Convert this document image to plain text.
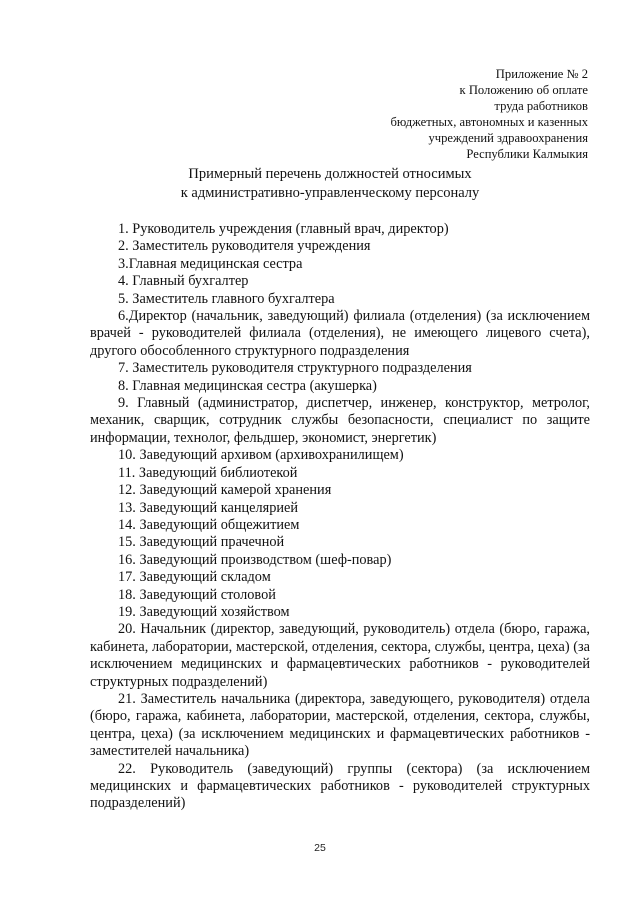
Приложение № 2
к Положению об оплате
труда работников
бюджетных, автономных и казенных
учреждений здравоохранения
Республики Калмыкия
Примерный перечень должностей относимых
к административно-управленческому персоналу

1. Руководитель учреждения (главный врач, директор)

2. Заместитель руководителя учреждения

3.Главная медицинская сестра

4. Главный бухгалтер

5. Заместитель главного бухгалтера

6.Директор (начальник, заведующий) филиала (отделения) (за исключением врачей - руководителей филиала (отделения), не имеющего лицевого счета), другого обособленного структурного подразделения

7. Заместитель руководителя структурного подразделения

8. Главная медицинская сестра (акушерка)

9. Главный (администратор, диспетчер, инженер, конструктор, метролог, механик, сварщик, сотрудник службы безопасности, специалист по защите информации, технолог, фельдшер, экономист, энергетик)

10. Заведующий архивом (архивохранилищем)

11. Заведующий библиотекой

12. Заведующий камерой хранения

13. Заведующий канцелярией

14. Заведующий общежитием

15. Заведующий прачечной

16. Заведующий производством (шеф-повар)

17. Заведующий складом

18. Заведующий столовой

19. Заведующий хозяйством

20. Начальник (директор, заведующий, руководитель) отдела (бюро, гаража, кабинета, лаборатории, мастерской, отделения, сектора, службы, центра, цеха) (за исключением медицинских и фармацевтических работников - руководителей структурных подразделений)

21. Заместитель начальника (директора, заведующего, руководителя) отдела (бюро, гаража, кабинета, лаборатории, мастерской, отделения, сектора, службы, центра, цеха) (за исключением медицинских и фармацевтических работников - заместителей начальника)

22. Руководитель (заведующий) группы (сектора) (за исключением медицинских и фармацевтических работников - руководителей структурных подразделений)

25
